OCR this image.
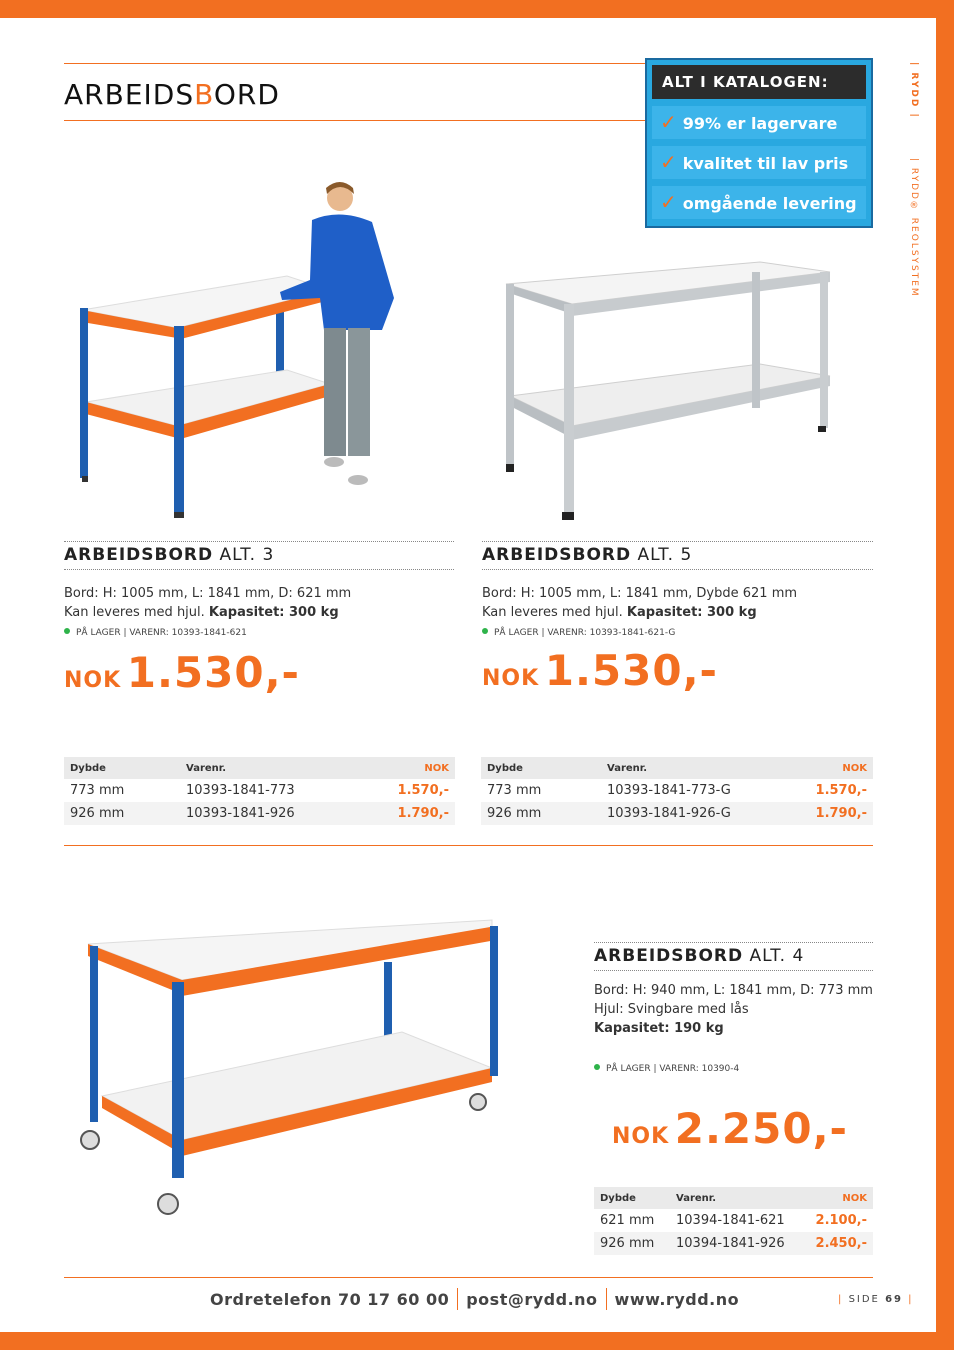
ARBEIDSBORD	ALT I KATALOGEN:
✓ 99% er lagervare
✓ kvalitet til lav pris
✓ omgående levering
| RYDD |
| RYDD® REOLSYSTEM
ARBEIDSBORD ALT. 3
Bord: H: 1005 mm, L: 1841 mm, D: 621 mm
Kan leveres med hjul. Kapasitet: 300 kg
PÅ LAGER | VARENR: 10393-1841-621
NOK 1.530,-
Dybde	Varenr.	NOK
773 mm	10393-1841-773	1.570,-
926 mm	10393-1841-926	1.790,-
ARBEIDSBORD ALT. 5
Bord: H: 1005 mm, L: 1841 mm, Dybde 621 mm
Kan leveres med hjul. Kapasitet: 300 kg
PÅ LAGER | VARENR: 10393-1841-621-G
NOK 1.530,-
Dybde	Varenr.	NOK
773 mm	10393-1841-773-G	1.570,-
926 mm	10393-1841-926-G	1.790,-
ARBEIDSBORD ALT. 4
Bord: H: 940 mm, L: 1841 mm, D: 773 mm
Hjul: Svingbare med lås
Kapasitet: 190 kg
PÅ LAGER | VARENR: 10390-4
NOK 2.250,-
Dybde	Varenr.	NOK
621 mm	10394-1841-621	2.100,-
926 mm	10394-1841-926	2.450,-
Ordretelefon 70 17 60 00 post@rydd.no www.rydd.no	| SIDE 69 |
